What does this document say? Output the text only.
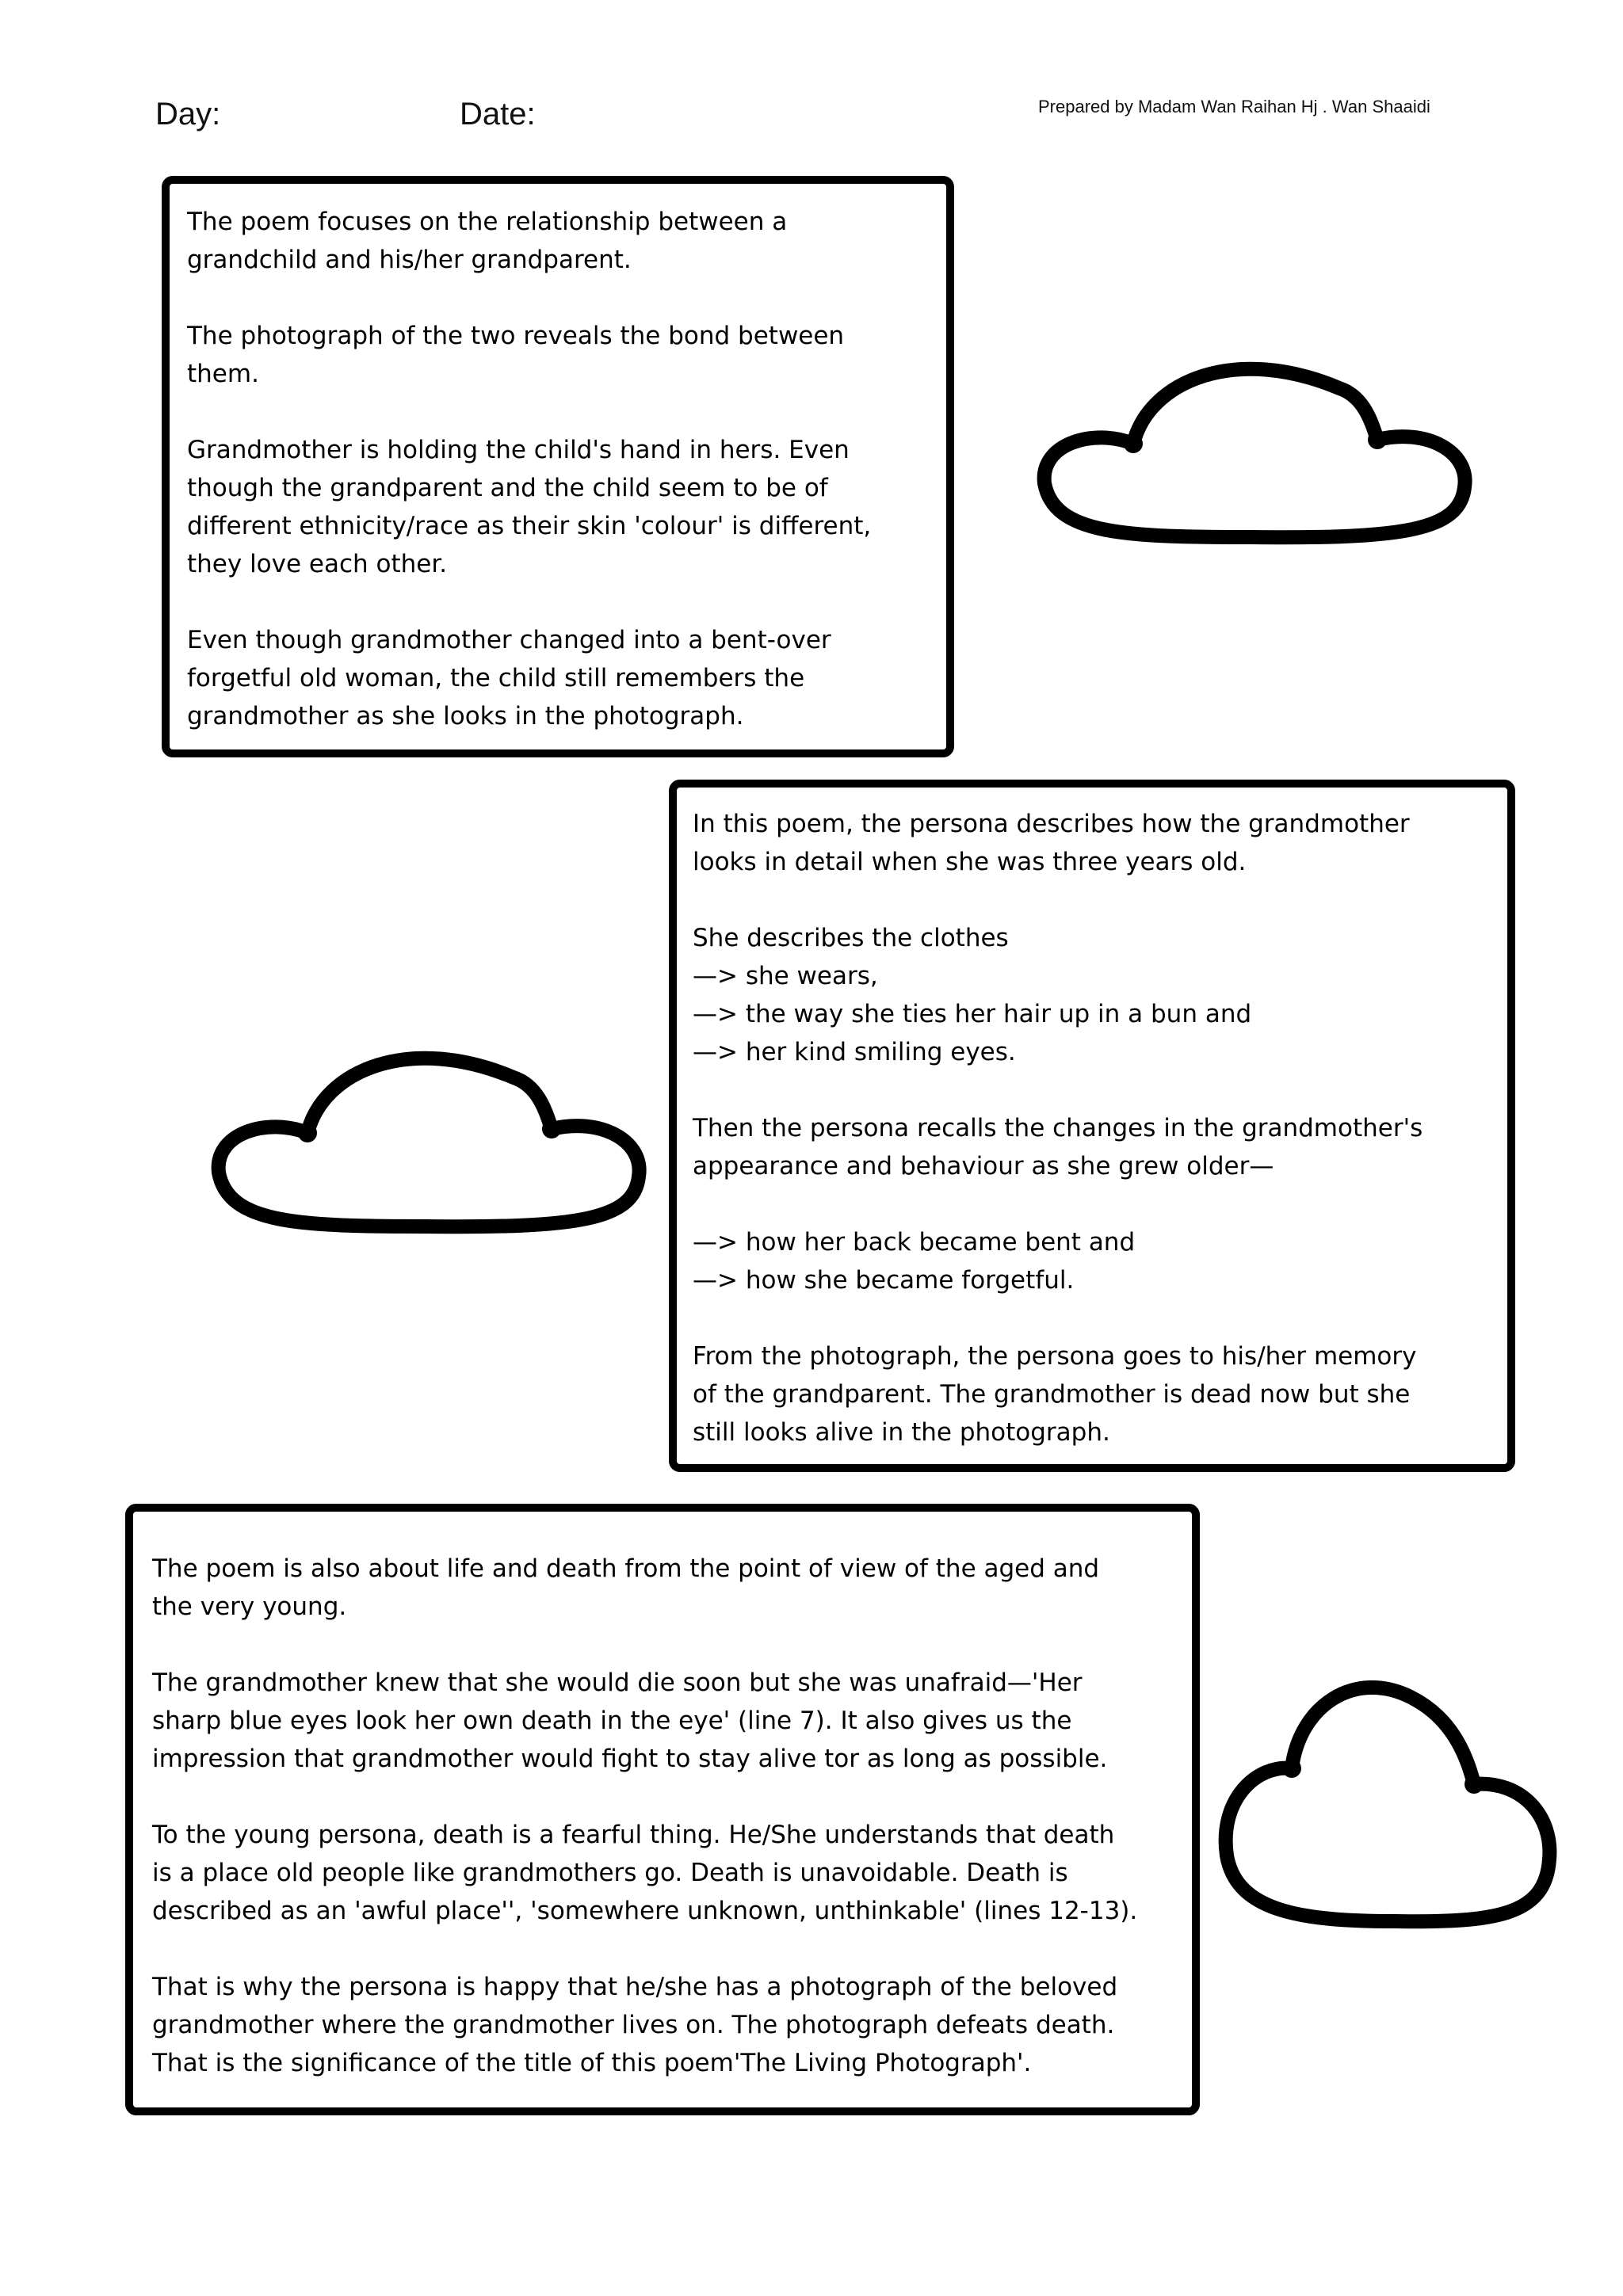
Day:	Date:	Prepared by Madam Wan Raihan Hj . Wan Shaaidi

The poem focuses on the relationship between a
grandchild and his/her grandparent.

The photograph of the two reveals the bond between
them.

Grandmother is holding the child's hand in hers. Even
though the grandparent and the child seem to be of
different ethnicity/race as their skin 'colour' is different,
they love each other.

Even though grandmother changed into a bent-over
forgetful old woman, the child still remembers the
grandmother as she looks in the photograph.

In this poem, the persona describes how the grandmother
looks in detail when she was three years old.

She describes the clothes
—> she wears,
—> the way she ties her hair up in a bun and
—> her kind smiling eyes.

Then the persona recalls the changes in the grandmother's
appearance and behaviour as she grew older—

—> how her back became bent and
—> how she became forgetful.

From the photograph, the persona goes to his/her memory
of the grandparent. The grandmother is dead now but she
still looks alive in the photograph.

The poem is also about life and death from the point of view of the aged and
the very young.

The grandmother knew that she would die soon but she was unafraid—'Her
sharp blue eyes look her own death in the eye' (line 7). It also gives us the
impression that grandmother would fight to stay alive tor as long as possible.

To the young persona, death is a fearful thing. He/She understands that death
is a place old people like grandmothers go. Death is unavoidable. Death is
described as an 'awful place'', 'somewhere unknown, unthinkable' (lines 12-13).

That is why the persona is happy that he/she has a photograph of the beloved
grandmother where the grandmother lives on. The photograph defeats death.
That is the significance of the title of this poem'The Living Photograph'.
